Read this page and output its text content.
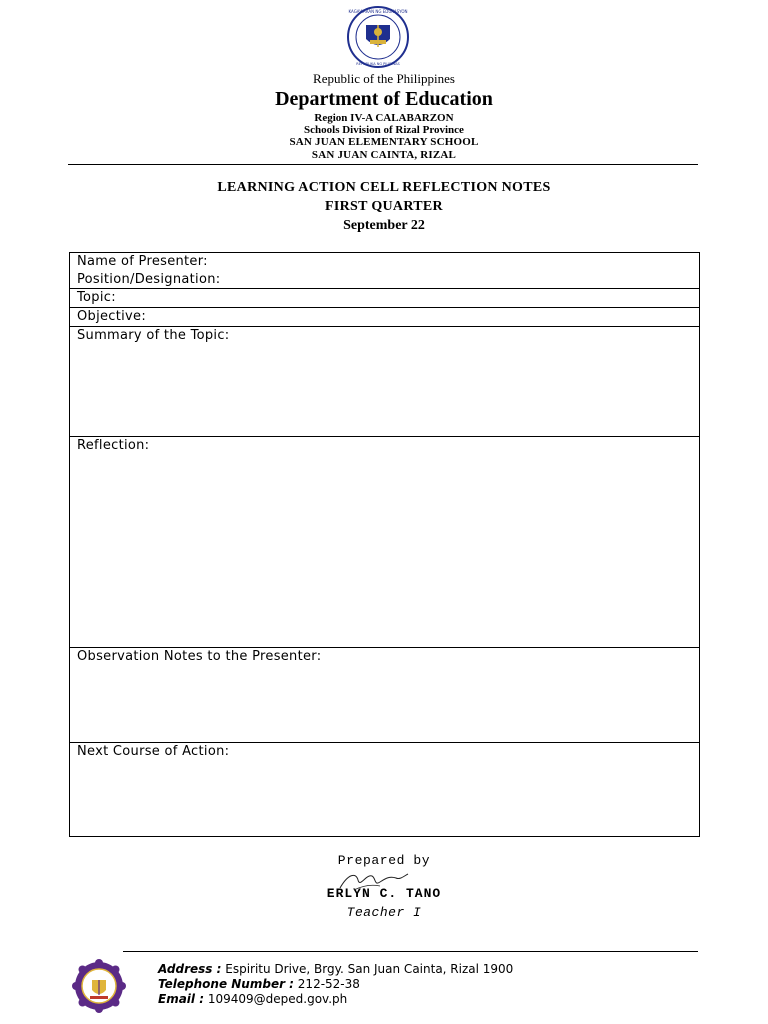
KAGAWARAN NG EDUKASYON
REPUBLIKA NG PILIPINAS
Republic of the Philippines
Department of Education
Region IV-A CALABARZON
Schools Division of Rizal Province
SAN JUAN ELEMENTARY SCHOOL
SAN JUAN CAINTA, RIZAL
LEARNING ACTION CELL REFLECTION NOTES
FIRST QUARTER
September 22
Name of Presenter:
Position/Designation:
Topic:
Objective:
Summary of the Topic:
Reflection:
Observation Notes to the Presenter:
Next Course of Action:
Prepared by
ERLYN C. TANO
Teacher I
Address : Espiritu Drive, Brgy. San Juan Cainta, Rizal 1900
Telephone Number : 212-52-38
Email : 109409@deped.gov.ph
